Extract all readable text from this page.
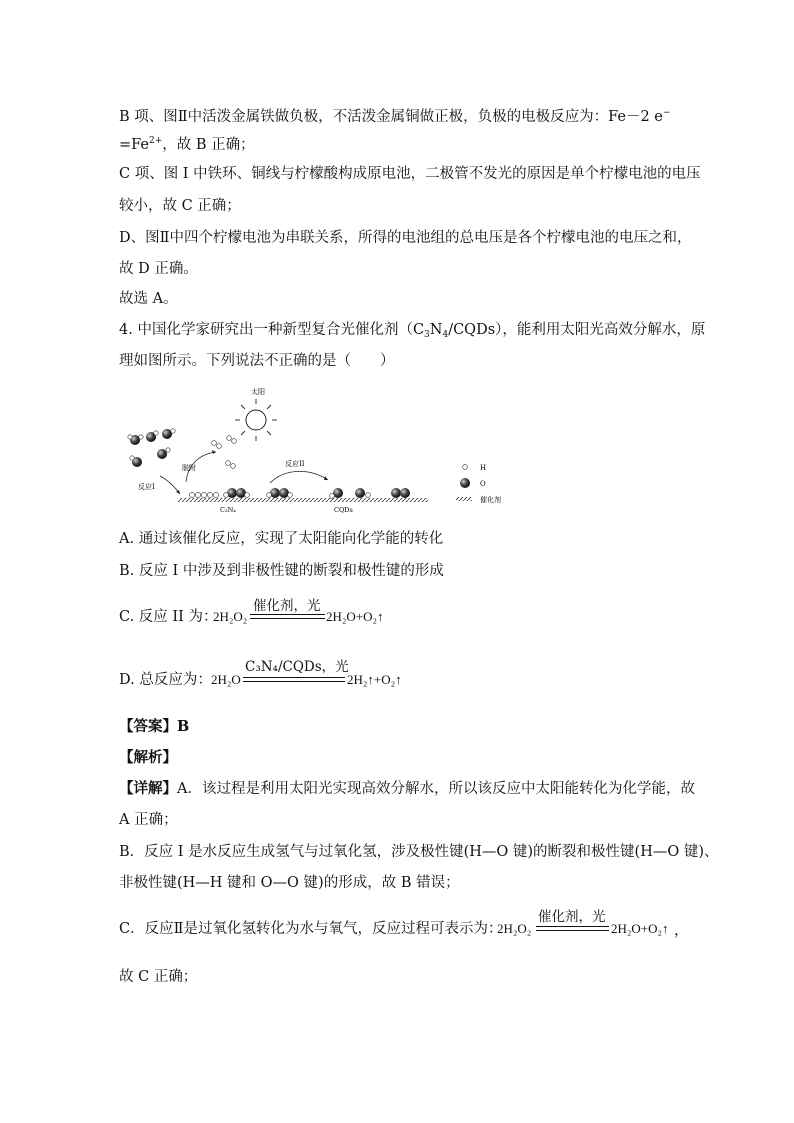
B 项、图Ⅱ中活泼金属铁做负极，不活泼金属铜做正极，负极的电极反应为：Fe－2 e−
$=Fe^{2+}$，故 B 正确；
C 项、图 I 中铁环、铜线与柠檬酸构成原电池，二极管不发光的原因是单个柠檬电池的电压
较小，故 C 正确；
D、图Ⅱ中四个柠檬电池为串联关系，所得的电池组的总电压是各个柠檬电池的电压之和，
故 D 正确。
故选 A。
4. 中国化学家研究出一种新型复合光催化剂$(C_3N_4/CQDs)$，能利用太阳光高效分解水，原
理如图所示。下列说法不正确的是（　　）
太阳
脱附
反应I
反应II
C₃N₄	CQDs
H
O
催化剂
A. 通过该催化反应，实现了太阳能向化学能的转化
B. 反应 I 中涉及到非极性键的断裂和极性键的形成
C. 反应 II 为：
2H₂O₂
催化剂，光
2H₂O+O₂↑
D. 总反应为： 2H₂O
C₃N₄/CQDs，光
2H₂↑+O₂↑
【答案】B
【解析】
【详解】A．该过程是利用太阳光实现高效分解水，所以该反应中太阳能转化为化学能，故
A 正确；
B．反应 I 是水反应生成氢气与过氧化氢，涉及极性键(H—O 键)的断裂和极性键(H—O 键)、
非极性键(H—H 键和 O—O 键)的形成，故 B 错误；
C．反应Ⅱ是过氧化氢转化为水与氧气，反应过程可表示为：
2H₂O₂
催化剂，光
2H₂O+O₂↑ ，
故 C 正确；
